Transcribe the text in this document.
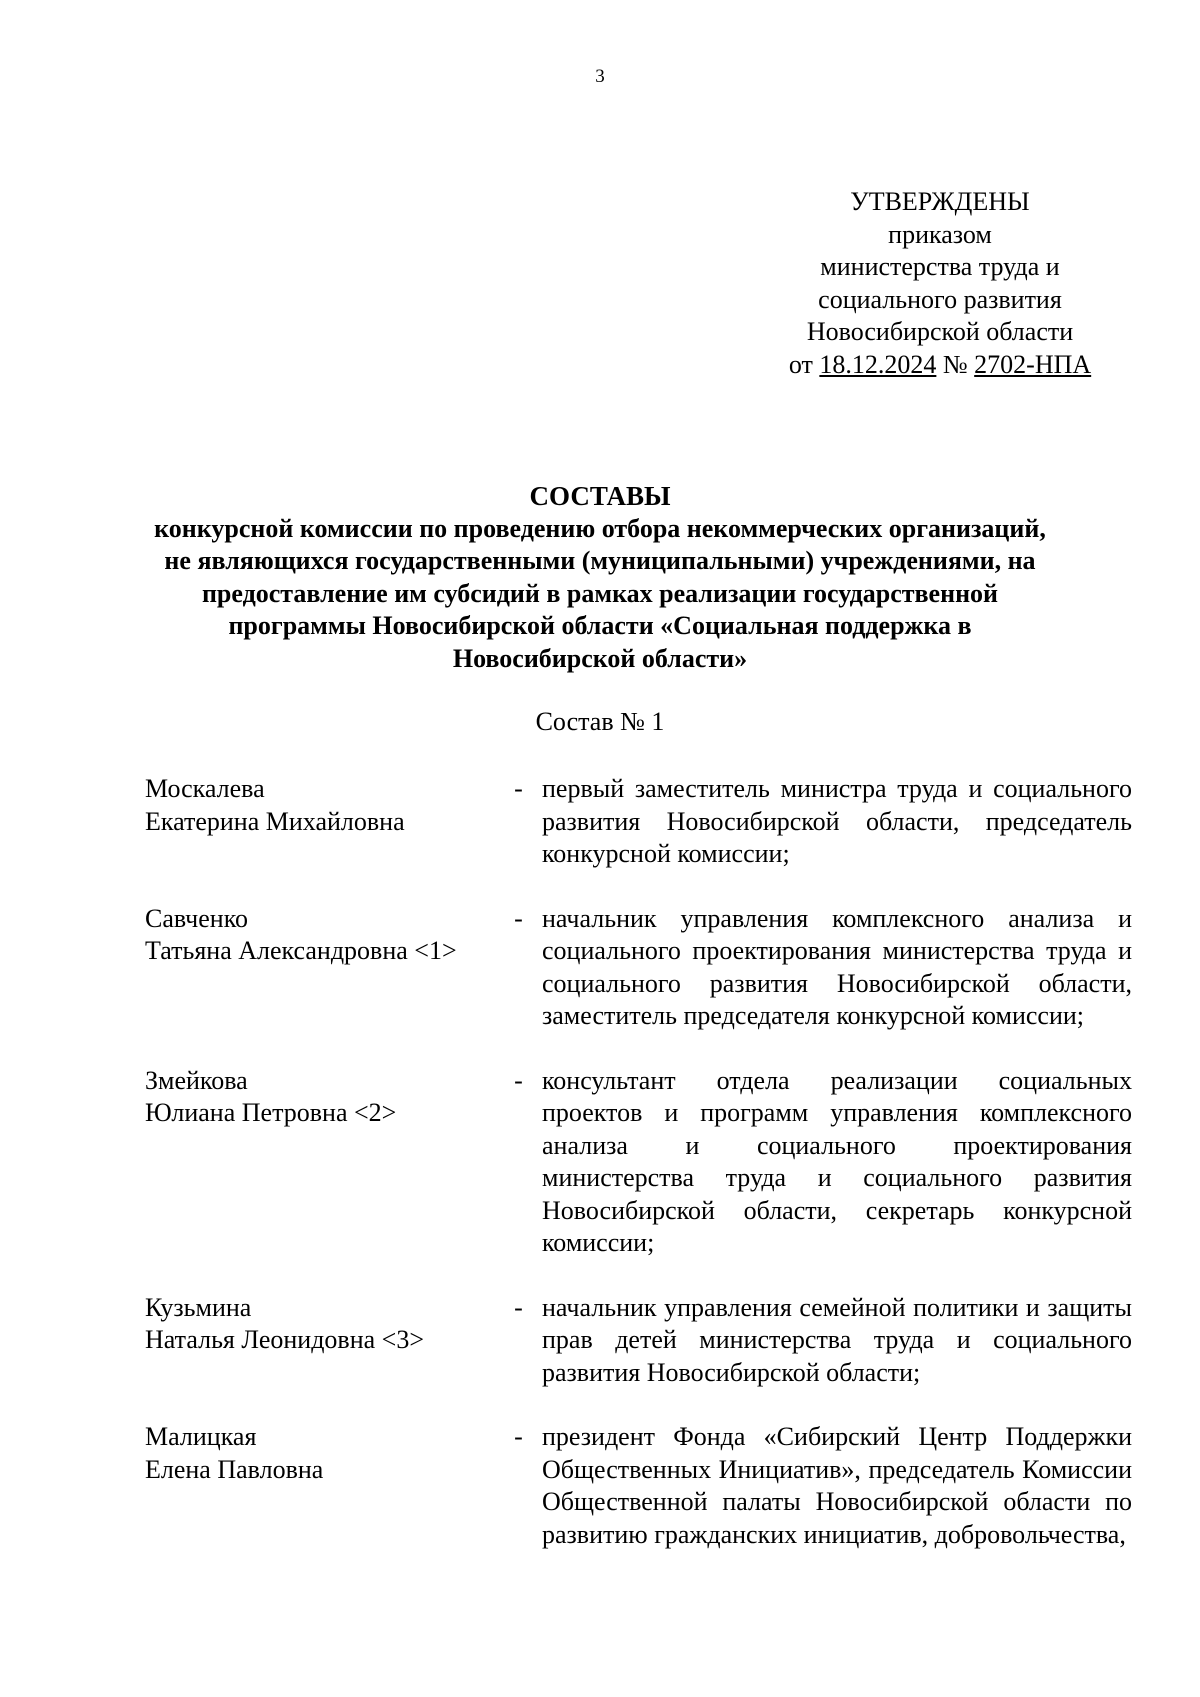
3
УТВЕРЖДЕНЫ
приказом
министерства труда и
социального развития
Новосибирской области
от 18.12.2024 № 2702-НПА
СОСТАВЫ
конкурсной комиссии по проведению отбора некоммерческих организаций,
не являющихся государственными (муниципальными) учреждениями, на
предоставление им субсидий в рамках реализации государственной
программы Новосибирской области «Социальная поддержка в
Новосибирской области»
Состав № 1
Москалева
Екатерина Михайловна
- первый заместитель министра труда и социального развития Новосибирской области, председатель конкурсной комиссии;
Савченко
Татьяна Александровна <1>
- начальник управления комплексного анализа и социального проектирования министерства труда и социального развития Новосибирской области, заместитель председателя конкурсной комиссии;
Змейкова
Юлиана Петровна <2>
- консультант отдела реализации социальных проектов и программ управления комплексного анализа и социального проектирования министерства труда и социального развития Новосибирской области, секретарь конкурсной комиссии;
Кузьмина
Наталья Леонидовна <3>
- начальник управления семейной политики и защиты прав детей министерства труда и социального развития Новосибирской области;
Малицкая
Елена Павловна
- президент Фонда «Сибирский Центр Поддержки Общественных Инициатив», председатель Комиссии Общественной палаты Новосибирской области по развитию гражданских инициатив, добровольчества,
